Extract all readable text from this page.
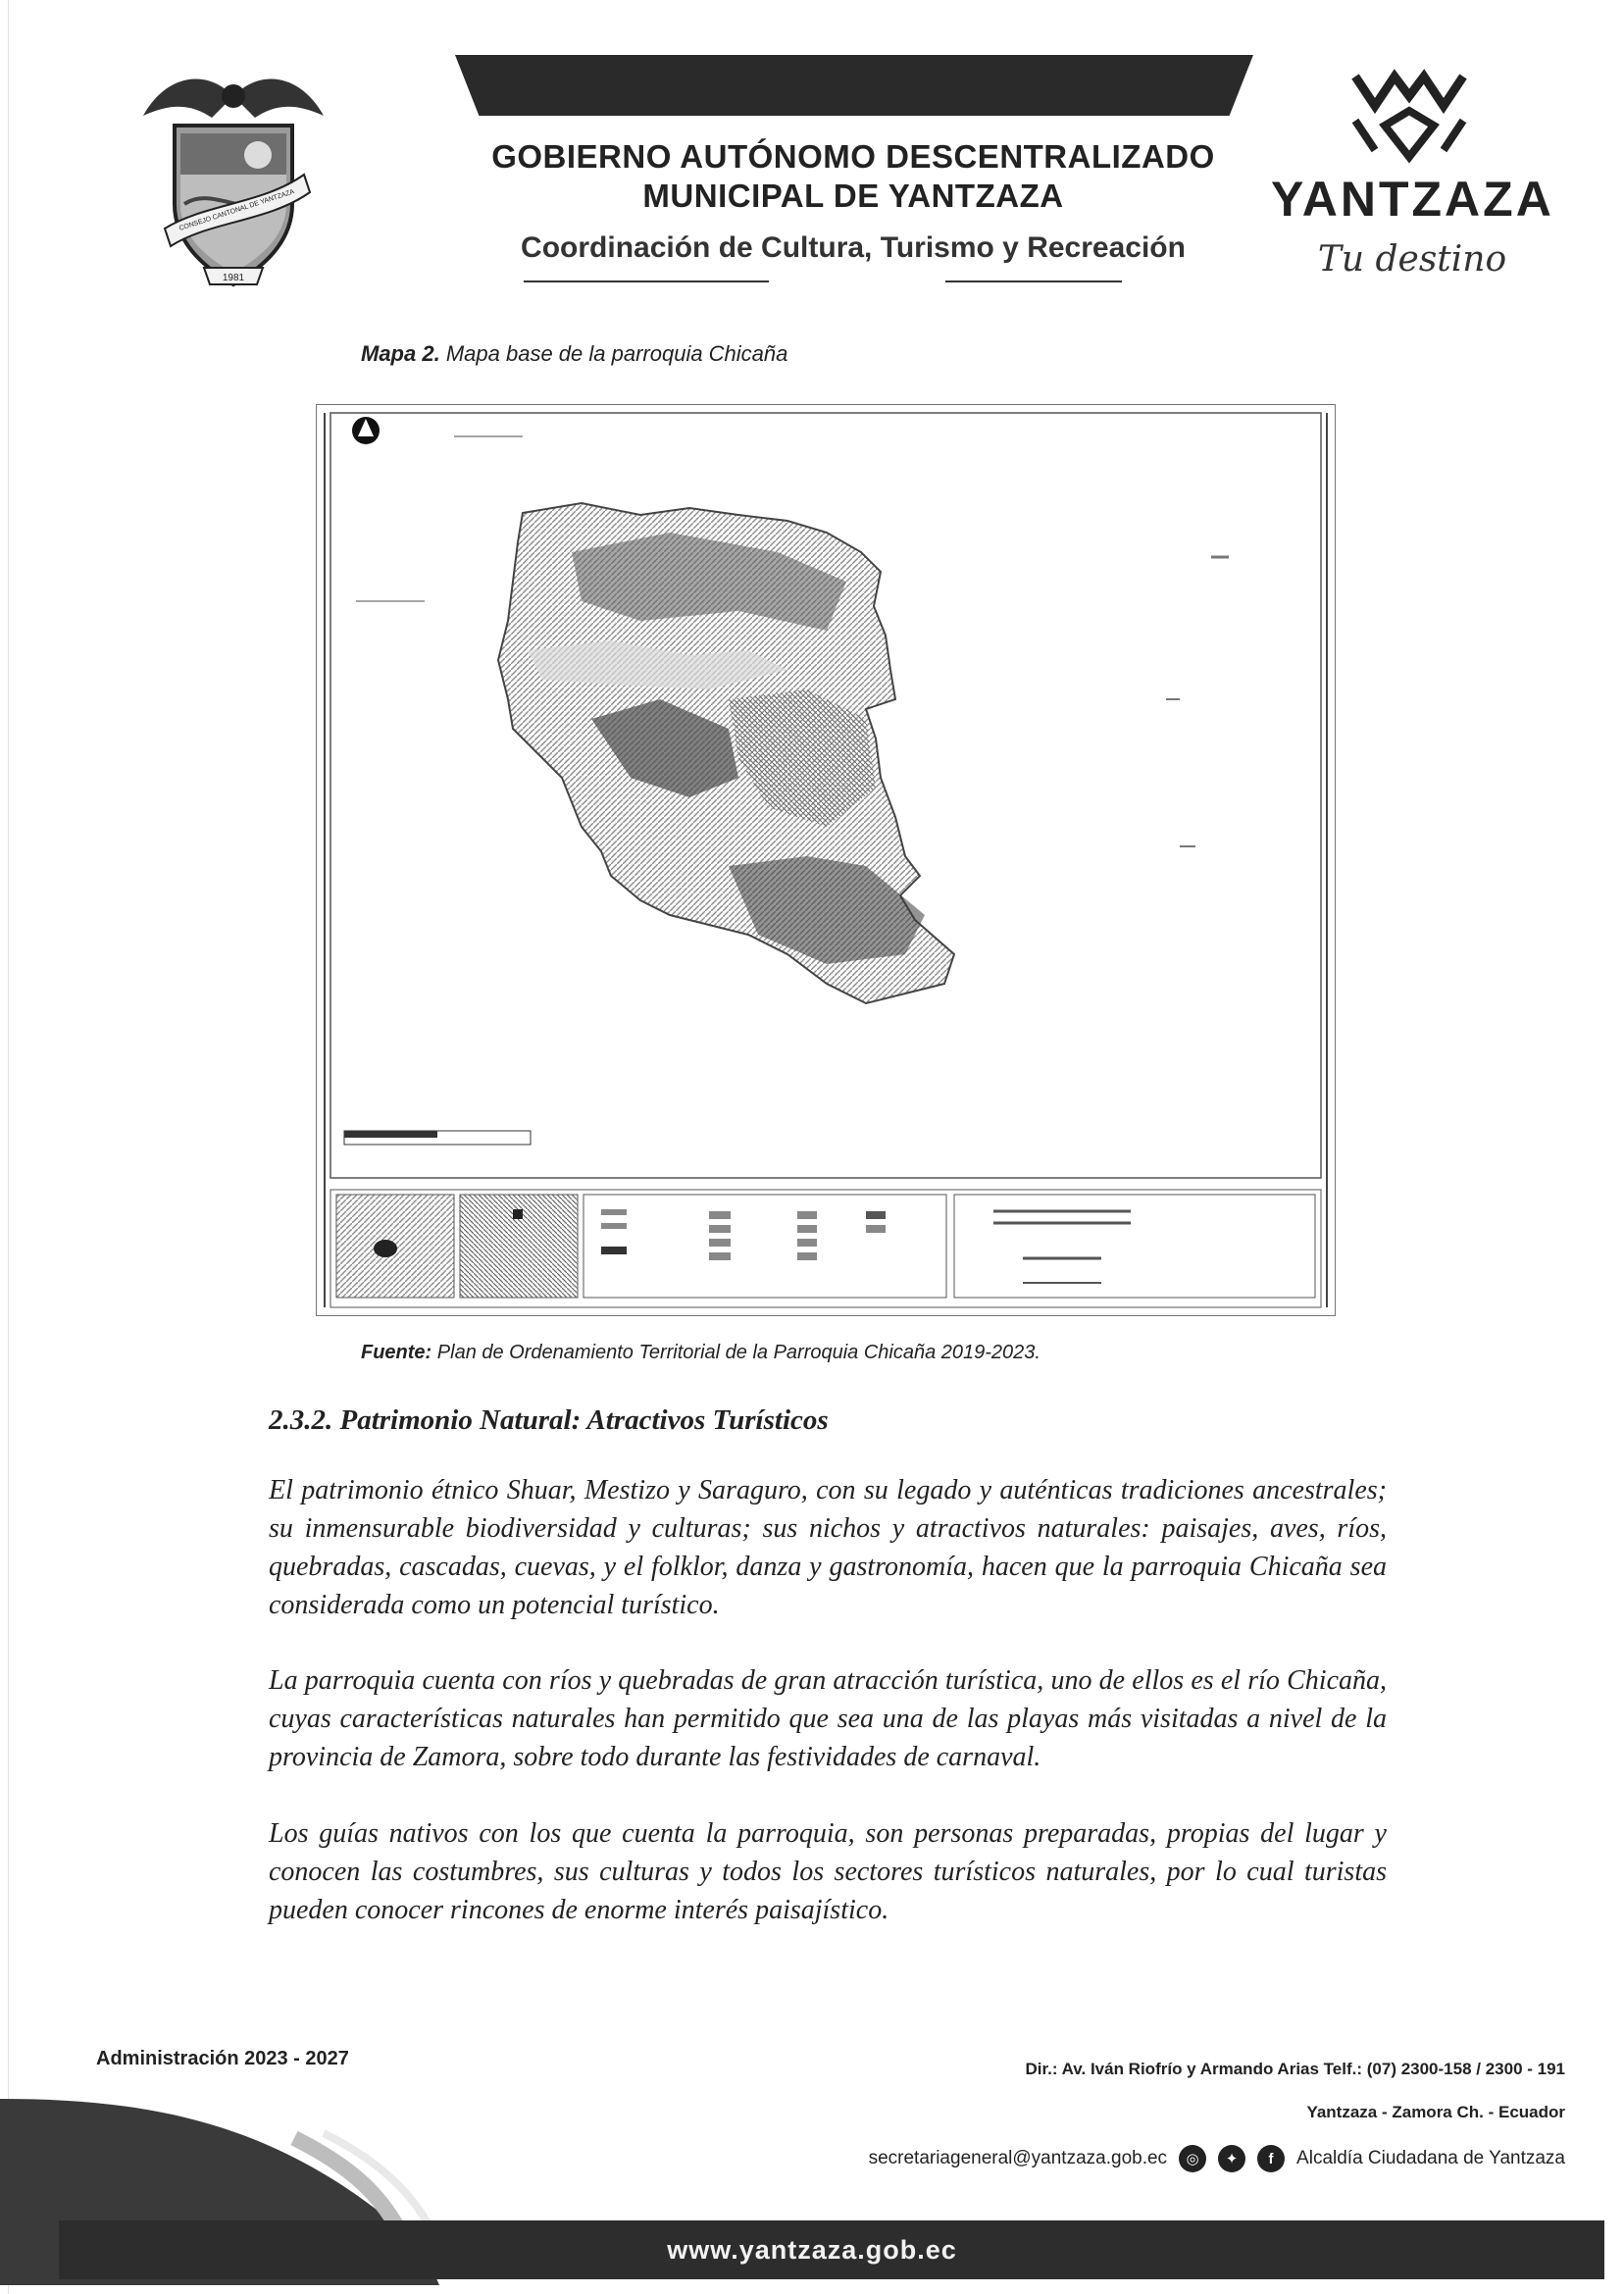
CONSEJO CANTONAL DE YANTZAZA
1981
GOBIERNO AUTÓNOMO DESCENTRALIZADO
MUNICIPAL DE YANTZAZA
Coordinación de Cultura, Turismo y Recreación
YANTZAZA
Tu destino
Mapa 2. Mapa base de la parroquia Chicaña
Fuente: Plan de Ordenamiento Territorial de la Parroquia Chicaña 2019-2023.
2.3.2. Patrimonio Natural: Atractivos Turísticos
El patrimonio étnico Shuar, Mestizo y Saraguro, con su legado y auténticas tradiciones ancestrales; su inmensurable biodiversidad y culturas; sus nichos y atractivos naturales: paisajes, aves, ríos, quebradas, cascadas, cuevas, y el folklor, danza y gastronomía, hacen que la parroquia Chicaña sea considerada como un potencial turístico.
La parroquia cuenta con ríos y quebradas de gran atracción turística, uno de ellos es el río Chicaña, cuyas características naturales han permitido que sea una de las playas más visitadas a nivel de la provincia de Zamora, sobre todo durante las festividades de carnaval.
Los guías nativos con los que cuenta la parroquia, son personas preparadas, propias del lugar y conocen las costumbres, sus culturas y todos los sectores turísticos naturales, por lo cual turistas pueden conocer rincones de enorme interés paisajístico.
Administración 2023 - 2027	Dir.: Av. Iván Riofrío y Armando Arias Telf.: (07) 2300-158 / 2300 - 191
Yantzaza - Zamora Ch. - Ecuador
secretariageneral@yantzaza.gob.ec	◎	✦	f	Alcaldía Ciudadana de Yantzaza
www.yantzaza.gob.ec
